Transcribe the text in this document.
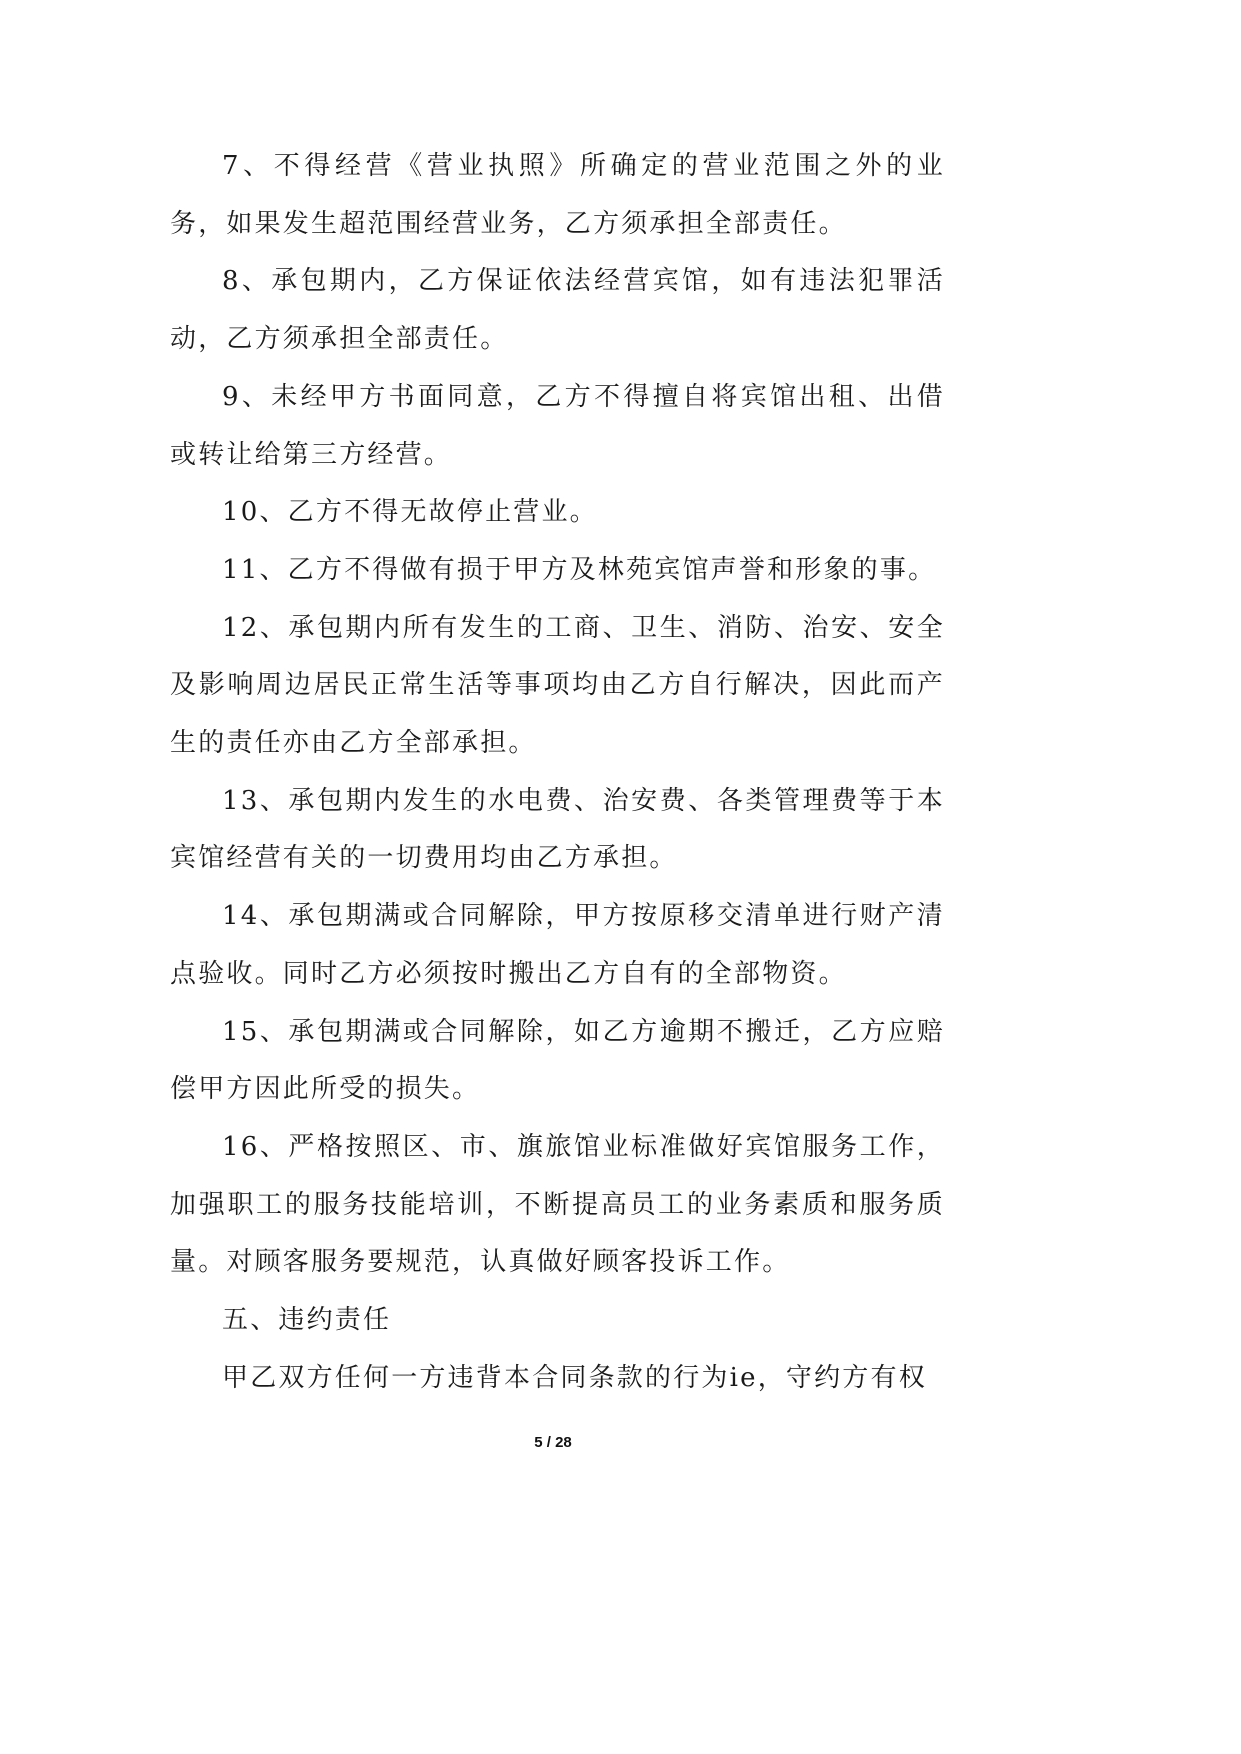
7、不得经营《营业执照》所确定的营业范围之外的业务，如果发生超范围经营业务，乙方须承担全部责任。

8、承包期内，乙方保证依法经营宾馆，如有违法犯罪活动，乙方须承担全部责任。

9、未经甲方书面同意，乙方不得擅自将宾馆出租、出借或转让给第三方经营。

10、乙方不得无故停止营业。

11、乙方不得做有损于甲方及林苑宾馆声誉和形象的事。

12、承包期内所有发生的工商、卫生、消防、治安、安全及影响周边居民正常生活等事项均由乙方自行解决，因此而产生的责任亦由乙方全部承担。

13、承包期内发生的水电费、治安费、各类管理费等于本宾馆经营有关的一切费用均由乙方承担。

14、承包期满或合同解除，甲方按原移交清单进行财产清点验收。同时乙方必须按时搬出乙方自有的全部物资。

15、承包期满或合同解除，如乙方逾期不搬迁，乙方应赔偿甲方因此所受的损失。

16、严格按照区、市、旗旅馆业标准做好宾馆服务工作，加强职工的服务技能培训，不断提高员工的业务素质和服务质量。对顾客服务要规范，认真做好顾客投诉工作。

五、违约责任

甲乙双方任何一方违背本合同条款的行为ie，守约方有权

5 / 28
